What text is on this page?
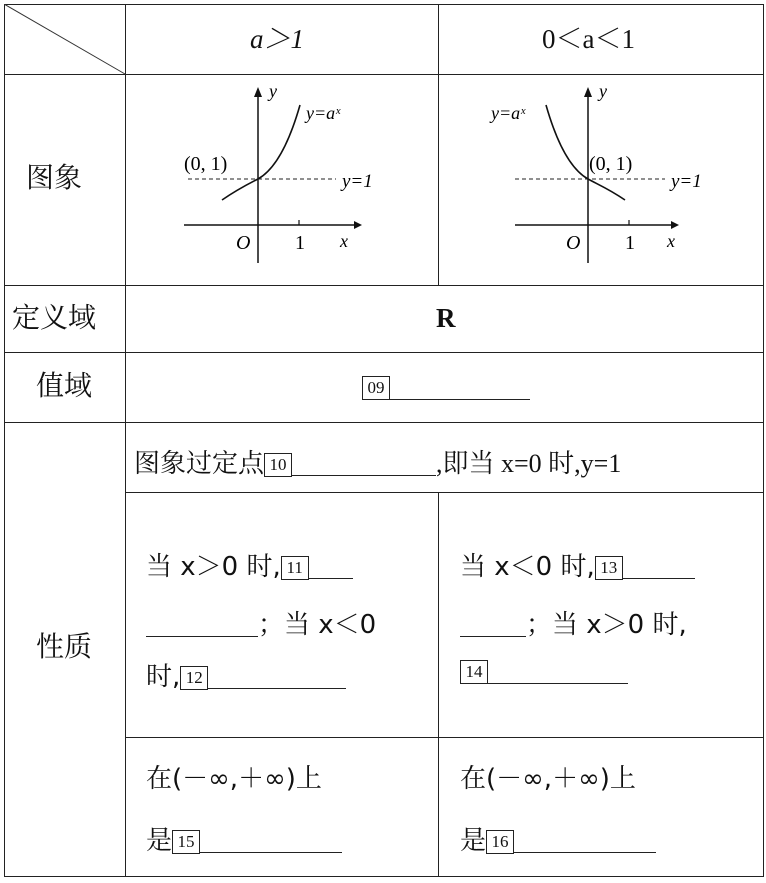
a＞1	0＜a＜1
图象
定义域
值域
性质
y
x
y=aˣ
(0, 1)
y=1
O 1
y
x
y=aˣ
(0, 1)
y=1
O 1
R
09
图象过定点 10	,即当 x=0 时,y=1
当 x＞0 时, 11
；当 x＜0
时, 12
当 x＜0 时, 13
；当 x＞0 时,
14
在(－∞,＋∞)上
是 15
在(－∞,＋∞)上
是 16
